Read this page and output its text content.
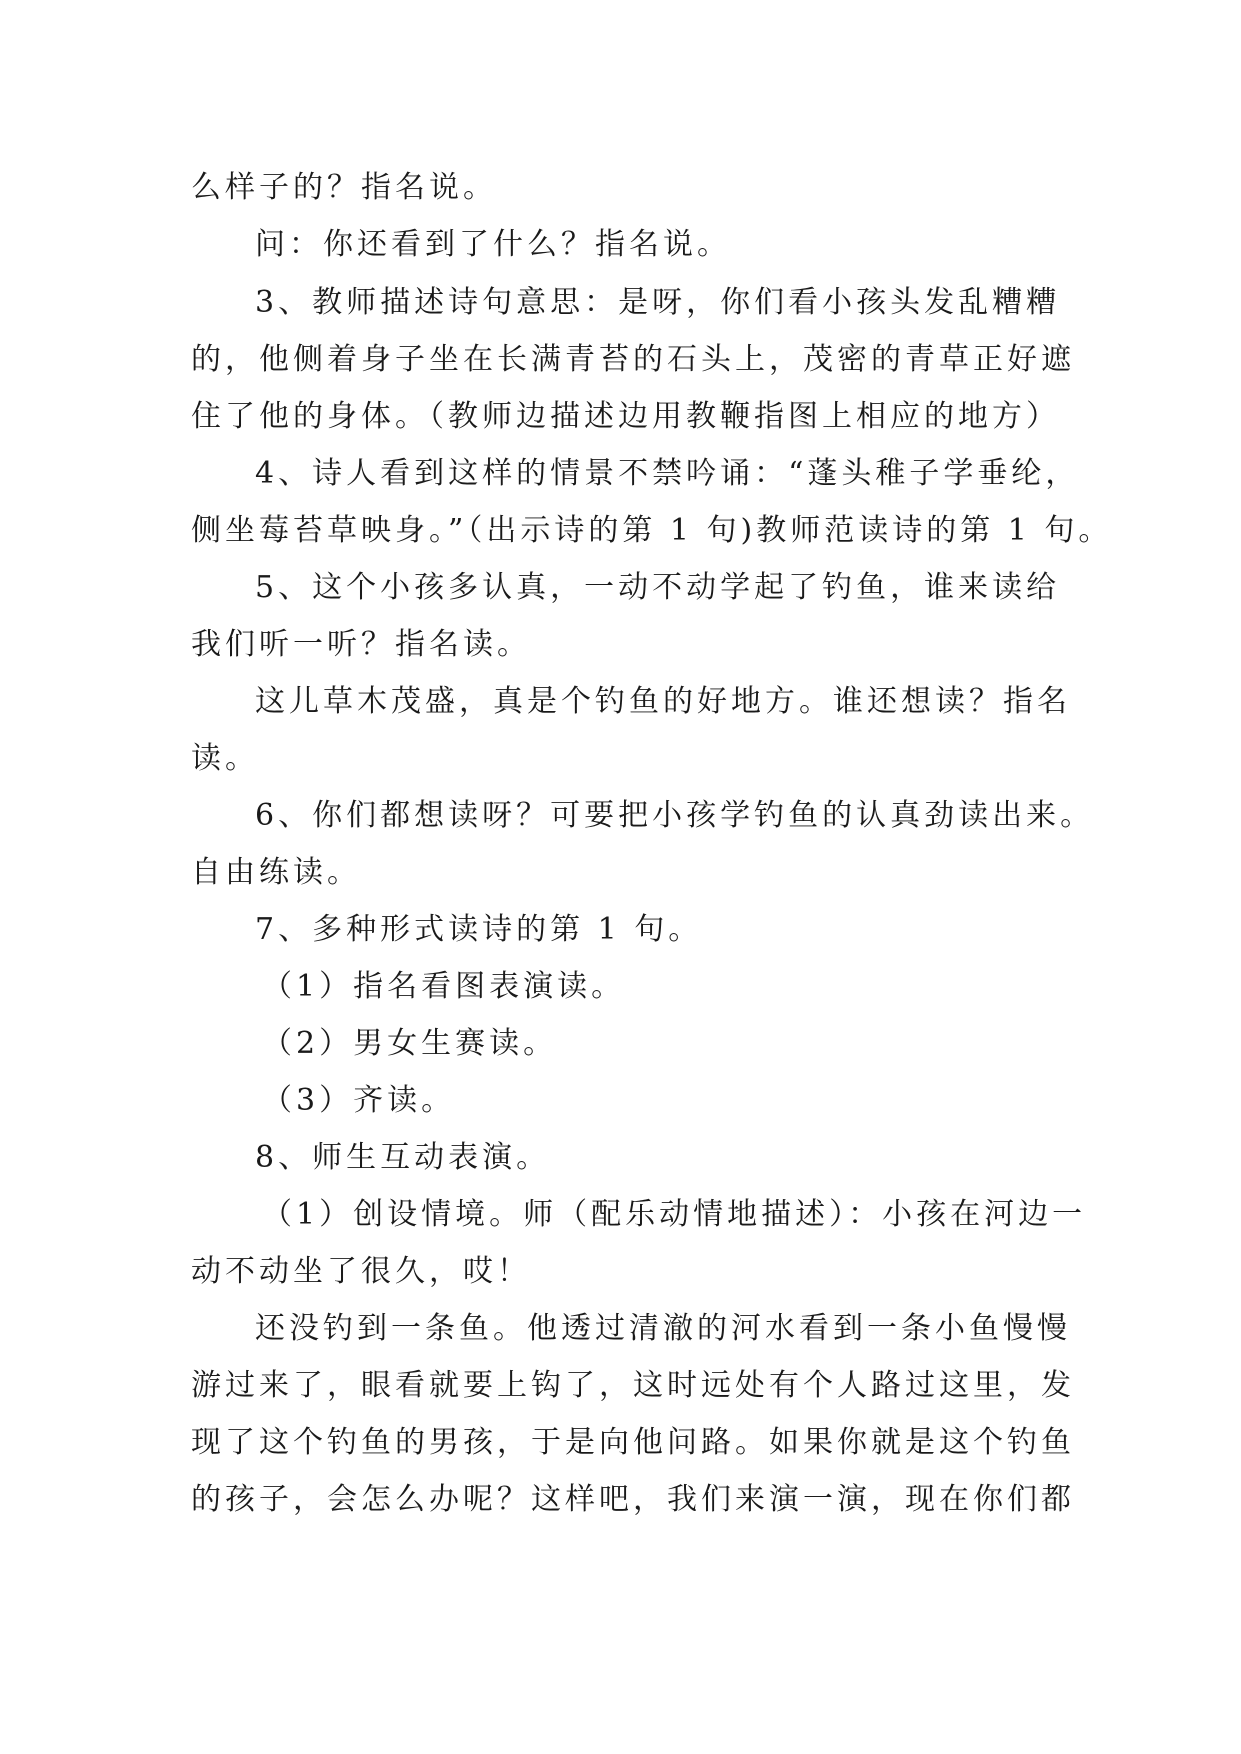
么样子的？指名说。
问：你还看到了什么？指名说。
3、教师描述诗句意思：是呀，你们看小孩头发乱糟糟
的，他侧着身子坐在长满青苔的石头上，茂密的青草正好遮
住了他的身体。（教师边描述边用教鞭指图上相应的地方）
4、诗人看到这样的情景不禁吟诵：“蓬头稚子学垂纶，
侧坐莓苔草映身。”（出示诗的第 1 句)教师范读诗的第 1 句。
5、这个小孩多认真，一动不动学起了钓鱼，谁来读给
我们听一听？指名读。
这儿草木茂盛，真是个钓鱼的好地方。谁还想读？指名
读。
6、你们都想读呀？可要把小孩学钓鱼的认真劲读出来。
自由练读。
7、多种形式读诗的第 1 句。
（1）指名看图表演读。
（2）男女生赛读。
（3）齐读。
8、师生互动表演。
（1）创设情境。师（配乐动情地描述）：小孩在河边一
动不动坐了很久，哎！
还没钓到一条鱼。他透过清澈的河水看到一条小鱼慢慢
游过来了，眼看就要上钩了，这时远处有个人路过这里，发
现了这个钓鱼的男孩，于是向他问路。如果你就是这个钓鱼
的孩子，会怎么办呢？这样吧，我们来演一演，现在你们都
